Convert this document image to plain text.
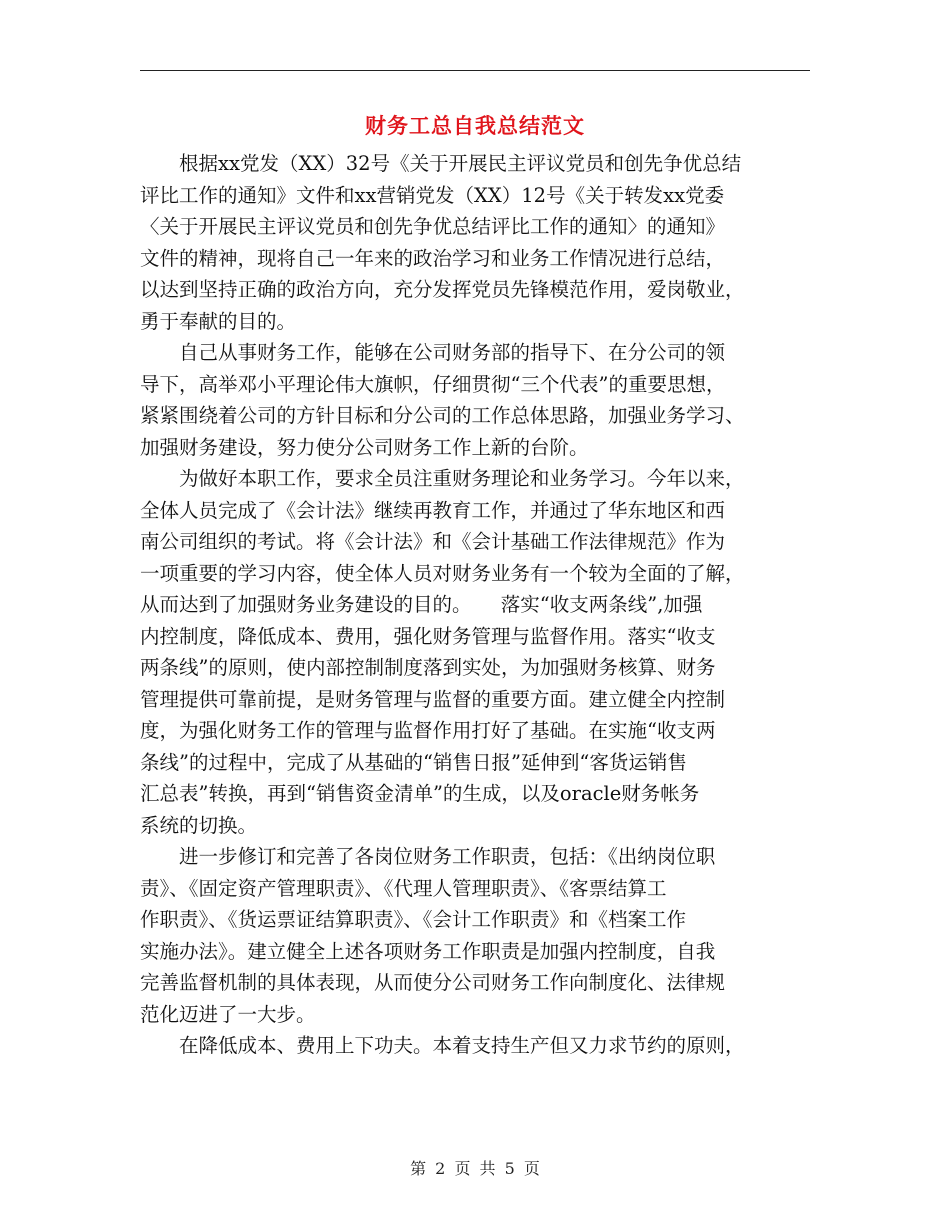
财务工总自我总结范文
　　根据xx党发（XX）32号《关于开展民主评议党员和创先争优总结
评比工作的通知》文件和xx营销党发（XX）12号《关于转发xx党委
〈关于开展民主评议党员和创先争优总结评比工作的通知〉的通知》
文件的精神，现将自己一年来的政治学习和业务工作情况进行总结，
以达到坚持正确的政治方向，充分发挥党员先锋模范作用，爱岗敬业，
勇于奉献的目的。
　　自己从事财务工作，能够在公司财务部的指导下、在分公司的领
导下，高举邓小平理论伟大旗帜，仔细贯彻“三个代表”的重要思想，
紧紧围绕着公司的方针目标和分公司的工作总体思路，加强业务学习、
加强财务建设，努力使分公司财务工作上新的台阶。
　　为做好本职工作，要求全员注重财务理论和业务学习。今年以来，
全体人员完成了《会计法》继续再教育工作，并通过了华东地区和西
南公司组织的考试。将《会计法》和《会计基础工作法律规范》作为
一项重要的学习内容，使全体人员对财务业务有一个较为全面的了解，
从而达到了加强财务业务建设的目的。　　落实“收支两条线”,加强
内控制度，降低成本、费用，强化财务管理与监督作用。落实“收支
两条线”的原则，使内部控制制度落到实处，为加强财务核算、财务
管理提供可靠前提，是财务管理与监督的重要方面。建立健全内控制
度，为强化财务工作的管理与监督作用打好了基础。在实施“收支两
条线”的过程中，完成了从基础的“销售日报”延伸到“客货运销售
汇总表”转换，再到“销售资金清单”的生成，以及oracle财务帐务
系统的切换。
　　进一步修订和完善了各岗位财务工作职责，包括：《出纳岗位职
责》、《固定资产管理职责》、《代理人管理职责》、《客票结算工
作职责》、《货运票证结算职责》、《会计工作职责》和《档案工作
实施办法》。建立健全上述各项财务工作职责是加强内控制度，自我
完善监督机制的具体表现，从而使分公司财务工作向制度化、法律规
范化迈进了一大步。
　　在降低成本、费用上下功夫。本着支持生产但又力求节约的原则，
第 2 页 共 5 页
